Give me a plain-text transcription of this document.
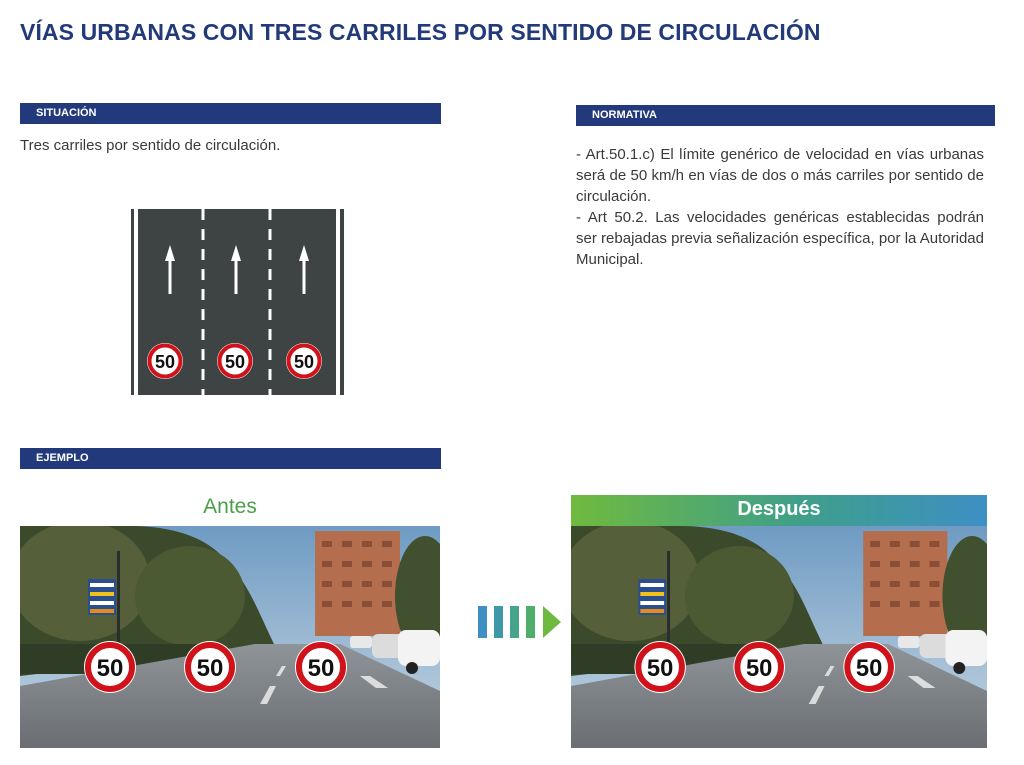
VÍAS URBANAS CON TRES CARRILES POR SENTIDO DE CIRCULACIÓN
SITUACIÓN

Tres carriles por sentido de circulación.

NORMATIVA

- Art.50.1.c) El límite genérico de velocidad en vías urbanas será de 50 km/h en vías de dos o más carriles por sentido de circulación.

- Art 50.2. Las velocidades genéricas establecidas podrán ser rebajadas previa señalización específica, por la Autoridad Municipal.

50	50	50
EJEMPLO
Antes	Después
50	50	50	50	50	50
